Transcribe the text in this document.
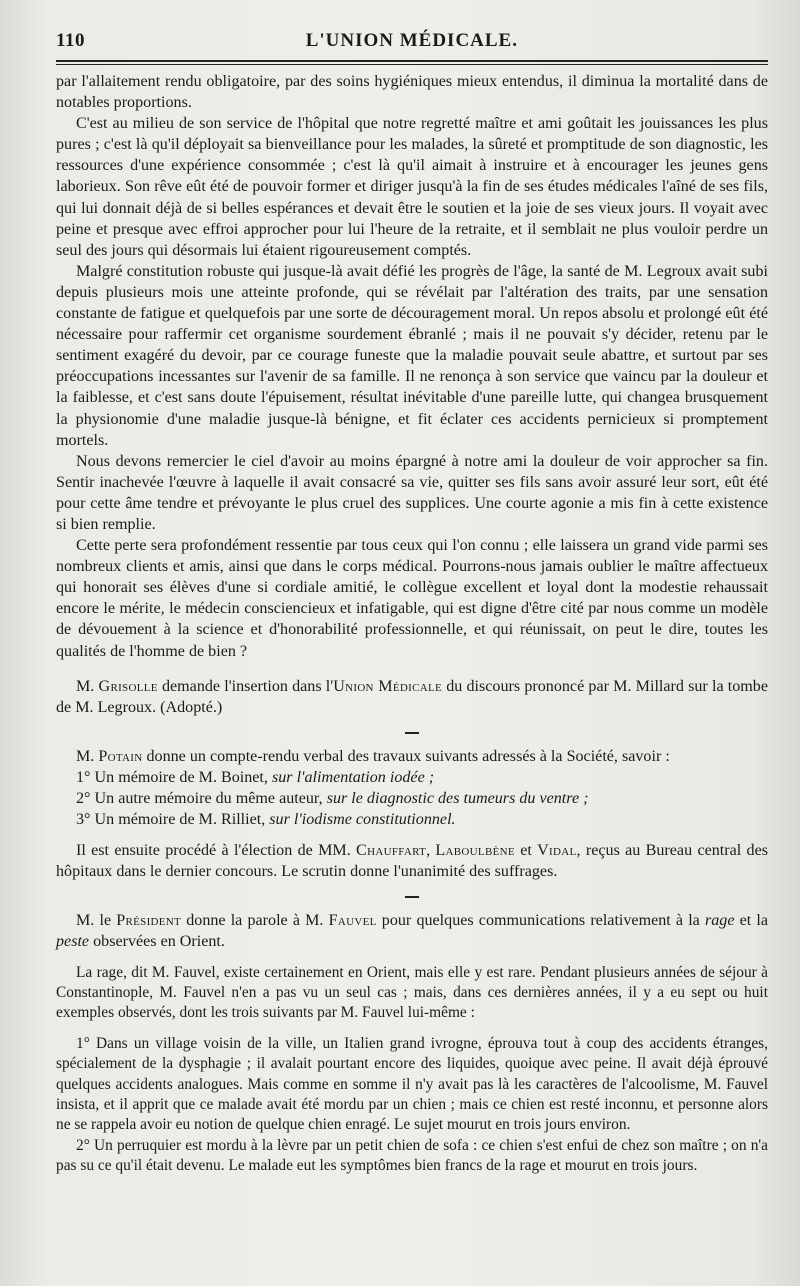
110	L'UNION MÉDICALE.

par l'allaitement rendu obligatoire, par des soins hygiéniques mieux entendus, il diminua la mortalité dans de notables proportions.

C'est au milieu de son service de l'hôpital que notre regretté maître et ami goûtait les jouissances les plus pures ; c'est là qu'il déployait sa bienveillance pour les malades, la sûreté et promptitude de son diagnostic, les ressources d'une expérience consommée ; c'est là qu'il aimait à instruire et à encourager les jeunes gens laborieux. Son rêve eût été de pouvoir former et diriger jusqu'à la fin de ses études médicales l'aîné de ses fils, qui lui donnait déjà de si belles espérances et devait être le soutien et la joie de ses vieux jours. Il voyait avec peine et presque avec effroi approcher pour lui l'heure de la retraite, et il semblait ne plus vouloir perdre un seul des jours qui désormais lui étaient rigoureusement comptés.

Malgré constitution robuste qui jusque-là avait défié les progrès de l'âge, la santé de M. Legroux avait subi depuis plusieurs mois une atteinte profonde, qui se révélait par l'altération des traits, par une sensation constante de fatigue et quelquefois par une sorte de découragement moral. Un repos absolu et prolongé eût été nécessaire pour raffermir cet organisme sourdement ébranlé ; mais il ne pouvait s'y décider, retenu par le sentiment exagéré du devoir, par ce courage funeste que la maladie pouvait seule abattre, et surtout par ses préoccupations incessantes sur l'avenir de sa famille. Il ne renonça à son service que vaincu par la douleur et la faiblesse, et c'est sans doute l'épuisement, résultat inévitable d'une pareille lutte, qui changea brusquement la physionomie d'une maladie jusque-là bénigne, et fit éclater ces accidents pernicieux si promptement mortels.

Nous devons remercier le ciel d'avoir au moins épargné à notre ami la douleur de voir approcher sa fin. Sentir inachevée l'œuvre à laquelle il avait consacré sa vie, quitter ses fils sans avoir assuré leur sort, eût été pour cette âme tendre et prévoyante le plus cruel des supplices. Une courte agonie a mis fin à cette existence si bien remplie.

Cette perte sera profondément ressentie par tous ceux qui l'on connu ; elle laissera un grand vide parmi ses nombreux clients et amis, ainsi que dans le corps médical. Pourrons-nous jamais oublier le maître affectueux qui honorait ses élèves d'une si cordiale amitié, le collègue excellent et loyal dont la modestie rehaussait encore le mérite, le médecin consciencieux et infatigable, qui est digne d'être cité par nous comme un modèle de dévouement à la science et d'honorabilité professionnelle, et qui réunissait, on peut le dire, toutes les qualités de l'homme de bien ?

M. Grisolle demande l'insertion dans l'Union Médicale du discours prononcé par M. Millard sur la tombe de M. Legroux. (Adopté.)

M. Potain donne un compte-rendu verbal des travaux suivants adressés à la Société, savoir :

1° Un mémoire de M. Boinet, sur l'alimentation iodée ;

2° Un autre mémoire du même auteur, sur le diagnostic des tumeurs du ventre ;

3° Un mémoire de M. Rilliet, sur l'iodisme constitutionnel.

Il est ensuite procédé à l'élection de MM. Chauffart, Laboulbène et Vidal, reçus au Bureau central des hôpitaux dans le dernier concours. Le scrutin donne l'unanimité des suffrages.

M. le Président donne la parole à M. Fauvel pour quelques communications relativement à la rage et la peste observées en Orient.

La rage, dit M. Fauvel, existe certainement en Orient, mais elle y est rare. Pendant plusieurs années de séjour à Constantinople, M. Fauvel n'en a pas vu un seul cas ; mais, dans ces dernières années, il y a eu sept ou huit exemples observés, dont les trois suivants par M. Fauvel lui-même :

1° Dans un village voisin de la ville, un Italien grand ivrogne, éprouva tout à coup des accidents étranges, spécialement de la dysphagie ; il avalait pourtant encore des liquides, quoique avec peine. Il avait déjà éprouvé quelques accidents analogues. Mais comme en somme il n'y avait pas là les caractères de l'alcoolisme, M. Fauvel insista, et il apprit que ce malade avait été mordu par un chien ; mais ce chien est resté inconnu, et personne alors ne se rappela avoir eu notion de quelque chien enragé. Le sujet mourut en trois jours environ.

2° Un perruquier est mordu à la lèvre par un petit chien de sofa : ce chien s'est enfui de chez son maître ; on n'a pas su ce qu'il était devenu. Le malade eut les symptômes bien francs de la rage et mourut en trois jours.
